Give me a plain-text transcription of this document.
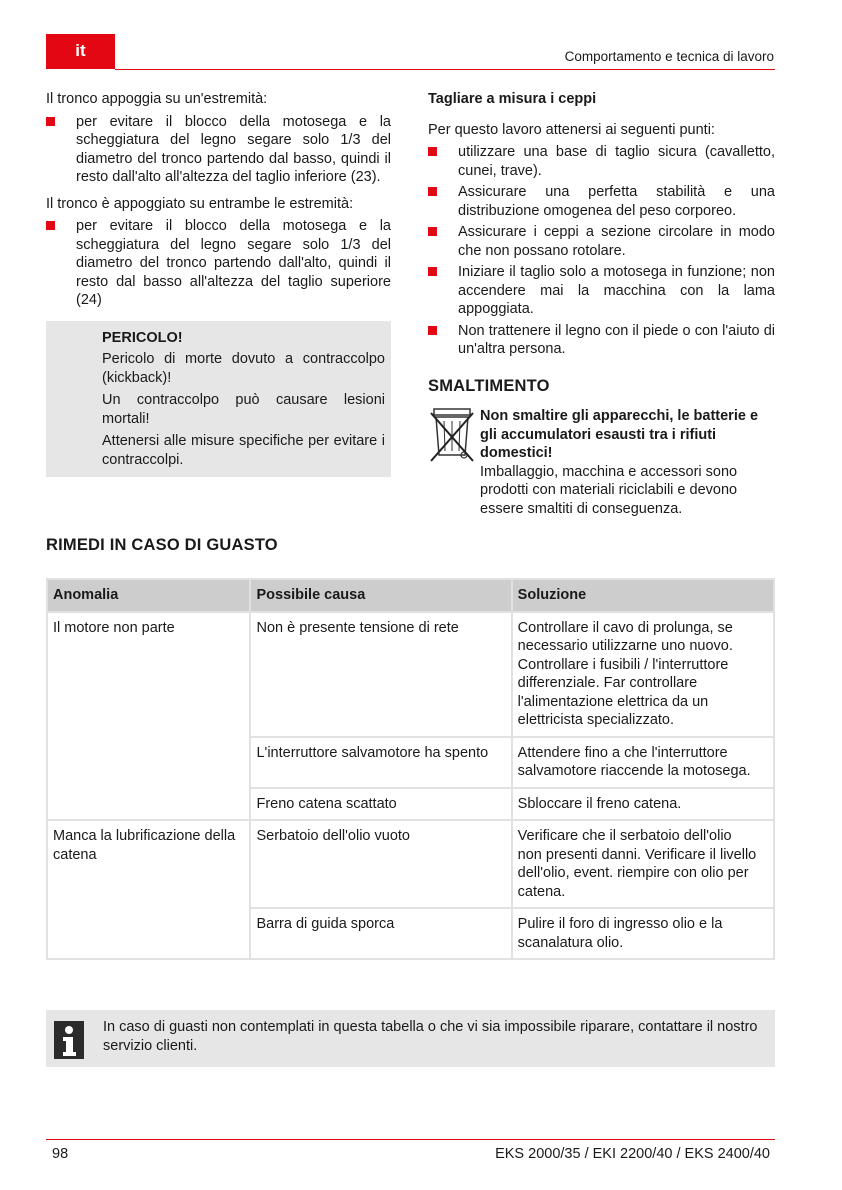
it	Comportamento e tecnica di lavoro

Il tronco appoggia su un'estremità:

per evitare il blocco della motosega e la scheggiatura del legno segare solo 1/3 del diametro del tronco partendo dal basso, quindi il resto dall'alto all'altezza del taglio inferiore (23).

Il tronco è appoggiato su entrambe le estremità:

per evitare il blocco della motosega e la scheggiatura del legno segare solo 1/3 del diametro del tronco partendo dall'alto, quindi il resto dal basso all'altezza del taglio superiore (24)
PERICOLO!

Pericolo di morte dovuto a contraccolpo (kickback)!

Un contraccolpo può causare lesioni mortali!

Attenersi alle misure specifiche per evitare i contraccolpi.

Tagliare a misura i ceppi

Per questo lavoro attenersi ai seguenti punti:

utilizzare una base di taglio sicura (cavalletto, cunei, trave).
Assicurare una perfetta stabilità e una distribuzione omogenea del peso corporeo.
Assicurare i ceppi a sezione circolare in modo che non possano rotolare.
Iniziare il taglio solo a motosega in funzione; non accendere mai la macchina con la lama appoggiata.
Non trattenere il legno con il piede o con l'aiuto di un'altra persona.
SMALTIMENTO
Non smaltire gli apparecchi, le batterie e gli accumulatori esausti tra i rifiuti domestici!
Imballaggio, macchina e accessori sono prodotti con materiali riciclabili e devono essere smaltiti di conseguenza.
RIMEDI IN CASO DI GUASTO
Anomalia	Possibile causa	Soluzione
Il motore non parte	Non è presente tensione di rete	Controllare il cavo di prolunga, se necessario utilizzarne uno nuovo. Controllare i fusibili / l'interruttore differenziale. Far controllare l'alimentazione elettrica da un elettricista specializzato.
	L'interruttore salvamotore ha spento	Attendere fino a che l'interruttore salvamotore riaccende la motosega.
	Freno catena scattato	Sbloccare il freno catena.
Manca la lubrificazione della catena	Serbatoio dell'olio vuoto	Verificare che il serbatoio dell'olio non presenti danni. Verificare il livello dell'olio, event. riempire con olio per catena.
	Barra di guida sporca	Pulire il foro di ingresso olio e la scanalatura olio.
In caso di guasti non contemplati in questa tabella o che vi sia impossibile riparare, contattare il nostro servizio clienti.
98	EKS 2000/35 / EKI 2200/40 / EKS 2400/40
